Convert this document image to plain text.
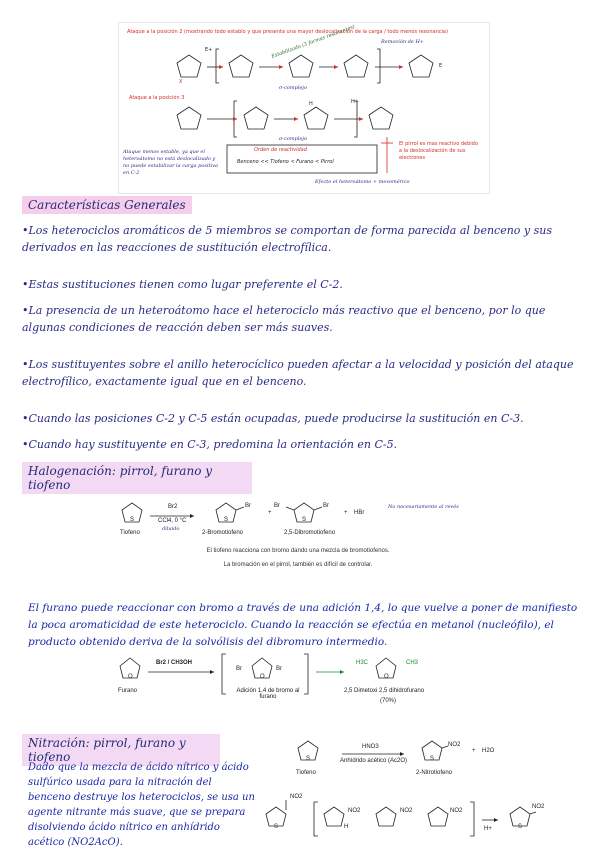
Ataque a la posición 2 (mostrando todo establo y que presenta una mayor deslocalización de la carga / todo menos resonancia)
Ataque a la posición 3
E+
X
E
H	H+
Estabilizado (3 formas resonantes)	Remoción de H+
σ-complejo
σ-complejo
Ataque menos estable, ya que el heteroátomo no está deslocalizado y no puede estabilizar la carga positiva en C-2
Orden de reactividad
Benceno << Tiofeno < Furano < Pirrol
El pirrol es mas reactivo debido a la deslocalización de sus electrones
Efecto el heteroátomo + mesomérico
Características Generales
•Los heterociclos aromáticos de 5 miembros se comportan de forma parecida al benceno y sus derivados en las reacciones de sustitución electrofílica.
•Estas sustituciones tienen como lugar preferente el C-2.
•La presencia de un heteroátomo hace el heterociclo más reactivo que el benceno, por lo que algunas condiciones de reacción deben ser más suaves.
•Los sustituyentes sobre el anillo heterocíclico pueden afectar a la velocidad y posición del ataque electrofílico, exactamente igual que en el benceno.
•Cuando las posiciones C-2 y C-5 están ocupadas, puede producirse la sustitución en C-3.
•Cuando hay sustituyente en C-3, predomina la orientación en C-5.
Halogenación: pirrol, furano y tiofeno
S
Br2
CCl4, 0 °C
diluido
S
Br
+
Br
S
Br
+ HBr
No necesariamente al revés
Tiofeno	2-Bromotiofeno	2,5-Dibromotiofeno
El tiofeno reacciona con bromo dando una mezcla de bromotiofenos.
La bromación en el pirrol, también es difícil de controlar.
El furano puede reaccionar con bromo a través de una adición 1,4, lo que vuelve a poner de manifiesto la poca aromaticidad de este heterociclo. Cuando la reacción se efectúa en metanol (nucleófilo), el producto obtenido deriva de la solvólisis del dibromuro intermedio.
O
Br2 / CH3OH
Furano
Br
O
Br
Adición 1,4 de bromo al furano
H3C
O
CH3
2,5 Dimetoxi 2,5 dihidrofurano
(70%)
Nitración: pirrol, furano y tiofeno
Dado que la mezcla de ácido nítrico y ácido sulfúrico usada para la nitración del benceno destruye los heterociclos, se usa un agente nitrante más suave, que se prepara disolviendo ácido nítrico en anhídrido acético (NO2AcO).
S
HNO3
Anhídrido acético (Ac2O)	S
NO2
+ H2O
Tiofeno	2-Nitrotiofeno
S
NO2
NO2
H
NO2	NO2
H+	S
NO2
